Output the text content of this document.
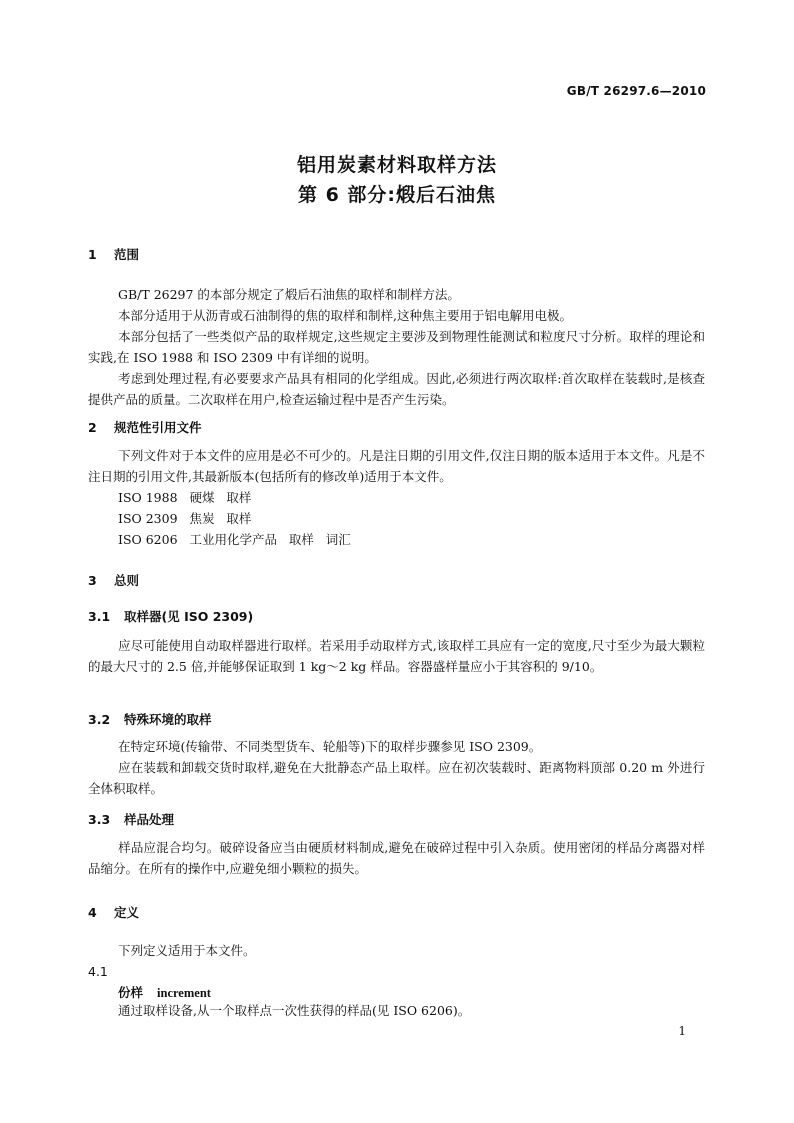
GB/T 26297.6—2010
铝用炭素材料取样方法
第 6 部分:煅后石油焦
1 范围
GB/T 26297 的本部分规定了煅后石油焦的取样和制样方法。
本部分适用于从沥青或石油制得的焦的取样和制样,这种焦主要用于铝电解用电极。
本部分包括了一些类似产品的取样规定,这些规定主要涉及到物理性能测试和粒度尺寸分析。取样的理论和实践,在 ISO 1988 和 ISO 2309 中有详细的说明。
考虑到处理过程,有必要要求产品具有相同的化学组成。因此,必须进行两次取样:首次取样在装载时,是核查提供产品的质量。二次取样在用户,检查运输过程中是否产生污染。
2 规范性引用文件
下列文件对于本文件的应用是必不可少的。凡是注日期的引用文件,仅注日期的版本适用于本文件。凡是不注日期的引用文件,其最新版本(包括所有的修改单)适用于本文件。
ISO 1988   硬煤   取样
ISO 2309   焦炭   取样
ISO 6206   工业用化学产品   取样   词汇
3 总则
3.1 取样器(见 ISO 2309)
应尽可能使用自动取样器进行取样。若采用手动取样方式,该取样工具应有一定的宽度,尺寸至少为最大颗粒的最大尺寸的 2.5 倍,并能够保证取到 1 kg～2 kg 样品。容器盛样量应小于其容积的 9/10。
3.2 特殊环境的取样
在特定环境(传输带、不同类型货车、轮船等)下的取样步骤参见 ISO 2309。
应在装载和卸载交货时取样,避免在大批静态产品上取样。应在初次装载时、距离物料顶部 0.20 m 外进行全体积取样。
3.3 样品处理
样品应混合均匀。破碎设备应当由硬质材料制成,避免在破碎过程中引入杂质。使用密闭的样品分离器对样品缩分。在所有的操作中,应避免细小颗粒的损失。
4 定义
下列定义适用于本文件。
4.1
份样 increment
通过取样设备,从一个取样点一次性获得的样品(见 ISO 6206)。
1
